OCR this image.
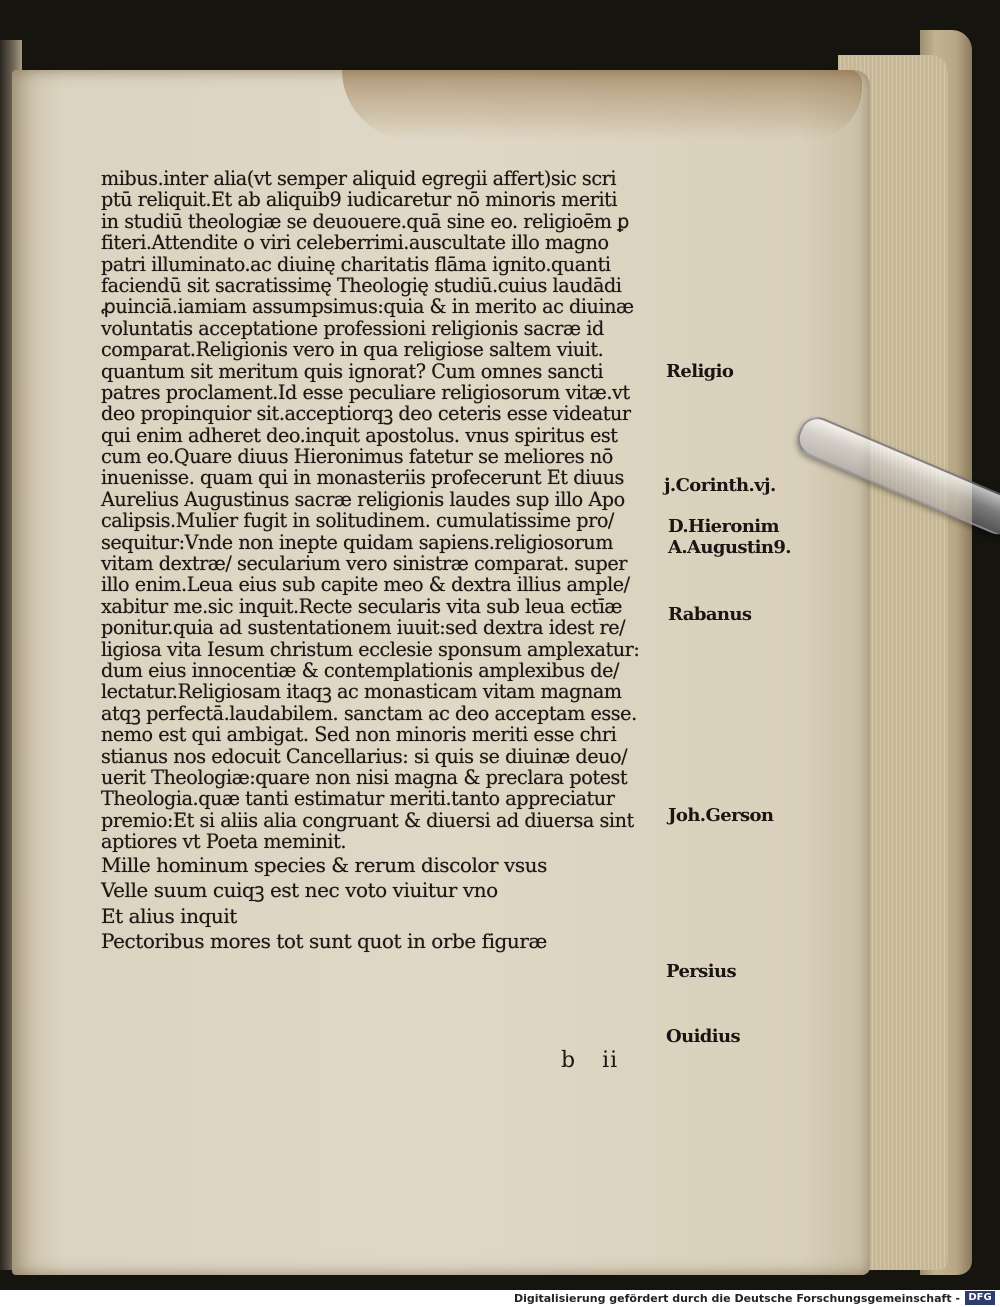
mibus.inter alia(vt semper aliquid egregii affert)sic scri
ptū reliquit.Et ab aliquib9 iudicaretur nō minoris meriti
in studiū theologiæ se deuouere.quā sine eo. religioēm ꝑ
fiteri.Attendite o viri celeberrimi.auscultate illo magno
patri illuminato.ac diuinę charitatis flāma ignito.quanti
faciendū sit sacratissimę Theologię studiū.cuius laudādi
ꝓuinciā.iamiam assumpsimus:quia & in merito ac diuinæ
voluntatis acceptatione professioni religionis sacræ id
comparat.Religionis vero in qua religiose saltem viuit.
quantum sit meritum quis ignorat? Cum omnes sancti
patres proclament.Id esse peculiare religiosorum vitæ.vt
deo propinquior sit.acceptiorqꝫ deo ceteris esse videatur
qui enim adheret deo.inquit apostolus. vnus spiritus est
cum eo.Quare diuus Hieronimus fatetur se meliores nō
inuenisse. quam qui in monasteriis profecerunt Et diuus
Aurelius Augustinus sacræ religionis laudes sup illo Apo
calipsis.Mulier fugit in solitudinem. cumulatissime pro/
sequitur:Vnde non inepte quidam sapiens.religiosorum
vitam dextræ/ secularium vero sinistræ comparat. super
illo enim.Leua eius sub capite meo & dextra illius ample/
xabitur me.sic inquit.Recte secularis vita sub leua ectīæ
ponitur.quia ad sustentationem iuuit:sed dextra idest re/
ligiosa vita Iesum christum ecclesie sponsum amplexatur:
dum eius innocentiæ & contemplationis amplexibus de/
lectatur.Religiosam itaqꝫ ac monasticam vitam magnam
atqꝫ perfectā.laudabilem. sanctam ac deo acceptam esse.
nemo est qui ambigat. Sed non minoris meriti esse chri
stianus nos edocuit Cancellarius: si quis se diuinæ deuo/
uerit Theologiæ:quare non nisi magna & preclara potest
Theologia.quæ tanti estimatur meriti.tanto appreciatur
premio:Et si aliis alia congruant & diuersi ad diuersa sint
aptiores vt Poeta meminit.
Mille hominum species & rerum discolor vsus
Velle suum cuiqꝫ est nec voto viuitur vno
Et alius inquit
Pectoribus mores tot sunt quot in orbe figuræ
Religio
j.Corinth.vj.
D.Hieronim
A.Augustin9.
Rabanus
Joh.Gerson
Persius
Ouidius
b ii
Digitalisierung gefördert durch die Deutsche Forschungsgemeinschaft - DFG
